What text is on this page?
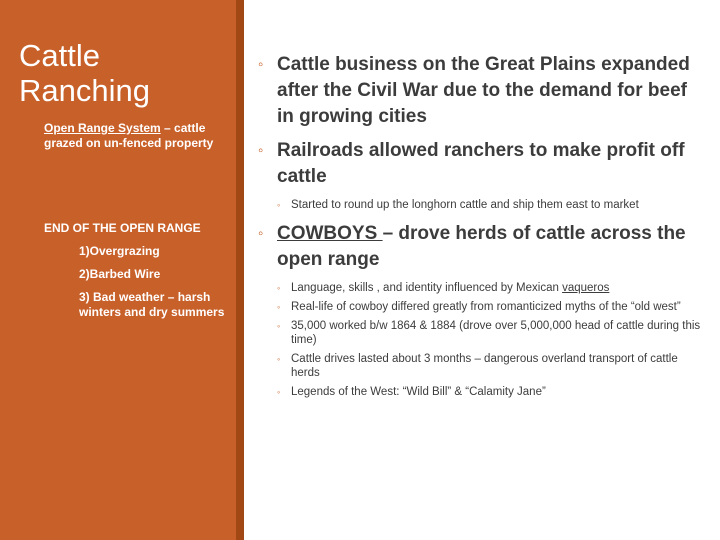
Cattle Ranching
Open Range System – cattle grazed on un-fenced property
END OF THE OPEN RANGE
1)Overgrazing
2)Barbed Wire
3) Bad weather – harsh winters and dry summers
◦ Cattle business on the Great Plains expanded after the Civil War due to the demand for beef in growing cities
◦ Railroads allowed ranchers to make profit off cattle
◦ Started to round up the longhorn cattle and ship them east to market
◦ COWBOYS – drove herds of cattle across the open range
◦ Language, skills , and identity influenced by Mexican vaqueros
◦ Real-life of cowboy differed greatly from romanticized myths of the “old west”
◦ 35,000 worked b/w 1864 & 1884 (drove over 5,000,000 head of cattle during this time)
◦ Cattle drives lasted about 3 months – dangerous overland transport of cattle herds
◦ Legends of the West: “Wild Bill” & “Calamity Jane”
